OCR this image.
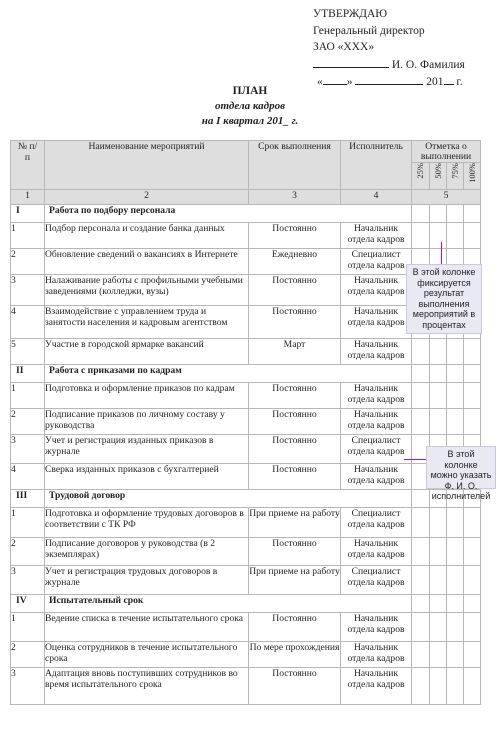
УТВЕРЖДАЮ
Генеральный директор
ЗАО «ХХХ»
И. О. Фамилия
« »	201 г.
ПЛАН
отдела кадров
на I квартал 201_ г.
№ п/п	Наименование мероприятий	Срок выполнения	Исполнитель	Отметка о выполнении			
				25%	50%	75%	100%
1	2	3	4	5			
I	Работа по подбору персонала						
1	Подбор персонала и создание банка данных	Постоянно	Начальник отдела кадров				
2	Обновление сведений о вакансиях в Интернете	Ежедневно	Специалист отдела кадров				
3	Налаживание работы с профильными учебными заведениями (колледжи, вузы)	Постоянно	Начальник отдела кадров				
4	Взаимодействие с управлением труда и занятости населения и кадровым агентством	Постоянно	Начальник отдела кадров				
5	Участие в городской ярмарке вакансий	Март	Начальник отдела кадров				
II	Работа с приказами по кадрам						
1	Подготовка и оформление приказов по кадрам	Постоянно	Начальник отдела кадров				
2	Подписание приказов по личному составу у руководства	Постоянно	Начальник отдела кадров				
3	Учет и регистрация изданных приказов в журнале	Постоянно	Специалист отдела кадров				
4	Сверка изданных приказов с бухгалтерией	Постоянно	Начальник отдела кадров				
III	Трудовой договор						
1	Подготовка и оформление трудовых договоров в соответствии с ТК РФ	При приеме на работу	Специалист отдела кадров				
2	Подписание договоров у руководства (в 2 экземплярах)	Постоянно	Начальник отдела кадров				
3	Учет и регистрация трудовых договоров в журнале	При приеме на работу	Специалист отдела кадров				
IV	Испытательный срок						
1	Ведение списка в течение испытательного срока	Постоянно	Начальник отдела кадров				
2	Оценка сотрудников в течение испытательного срока	По мере прохождения	Начальник отдела кадров				
3	Адаптация вновь поступивших сотрудников во время испытательного срока	Постоянно	Начальник отдела кадров				
В этой колонке фиксируется результат выполнения мероприятий в процентах
В этой колонке можно указать Ф. И. О. исполнителей
